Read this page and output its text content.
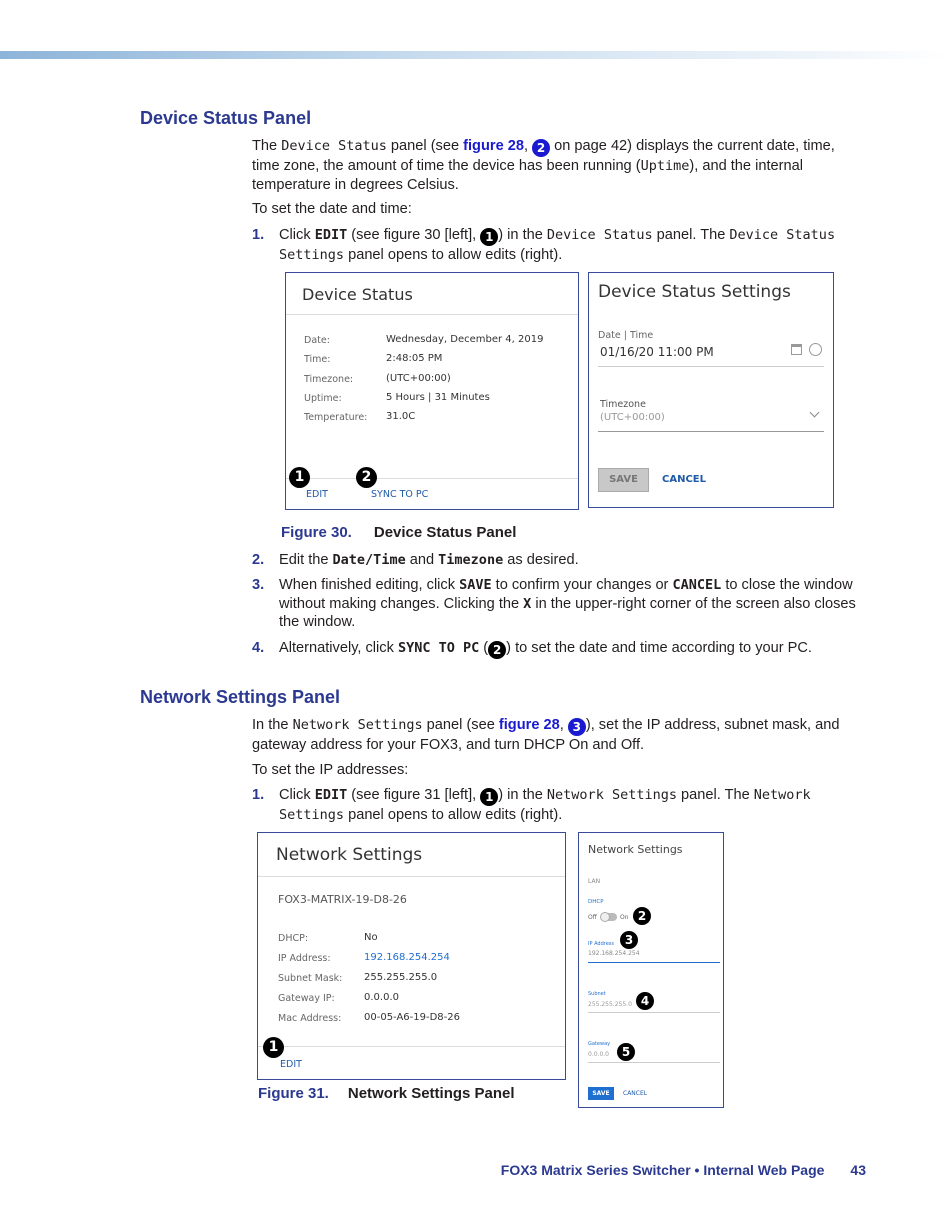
Device Status Panel
The Device Status panel (see figure 28, 2 on page 42) displays the current date, time, time zone, the amount of time the device has been running (Uptime), and the internal temperature in degrees Celsius.
To set the date and time:
1. Click EDIT (see figure 30 [left], 1 ) in the Device Status panel. The Device Status Settings panel opens to allow edits (right).
Device Status
Date:	Wednesday, December 4, 2019
Time:	2:48:05 PM
Timezone:	(UTC+00:00)
Uptime:	5 Hours | 31 Minutes
Temperature: 31.0C
1	2
EDIT	SYNC TO PC
Device Status Settings
Date | Time
01/16/20 11:00 PM
Timezone
(UTC+00:00)
SAVE	CANCEL
Figure 30. Device Status Panel
2. Edit the Date/Time and Timezone as desired.
3. When finished editing, click SAVE to confirm your changes or CANCEL to close the window without making changes. Clicking the X in the upper-right corner of the screen also closes the window.
4. Alternatively, click SYNC TO PC ( 2 ) to set the date and time according to your PC.
Network Settings Panel
In the Network Settings panel (see figure 28, 3 ), set the IP address, subnet mask, and gateway address for your FOX3, and turn DHCP On and Off.
To set the IP addresses:
1. Click EDIT (see figure 31 [left], 1 ) in the Network Settings panel. The Network Settings panel opens to allow edits (right).
Network Settings
FOX3-MATRIX-19-D8-26
DHCP:	No
IP Address:	192.168.254.254
Subnet Mask: 255.255.255.0
Gateway IP:	0.0.0.0
Mac Address: 00-05-A6-19-D8-26
1
EDIT
Network Settings
LAN
DHCP
Off	On 2
IP Address 3
192.168.254.254
Subnet
255.255.255.0 4
Gateway
0.0.0.0	5
SAVE	CANCEL
Figure 31. Network Settings Panel
FOX3 Matrix Series Switcher • Internal Web Page 43
